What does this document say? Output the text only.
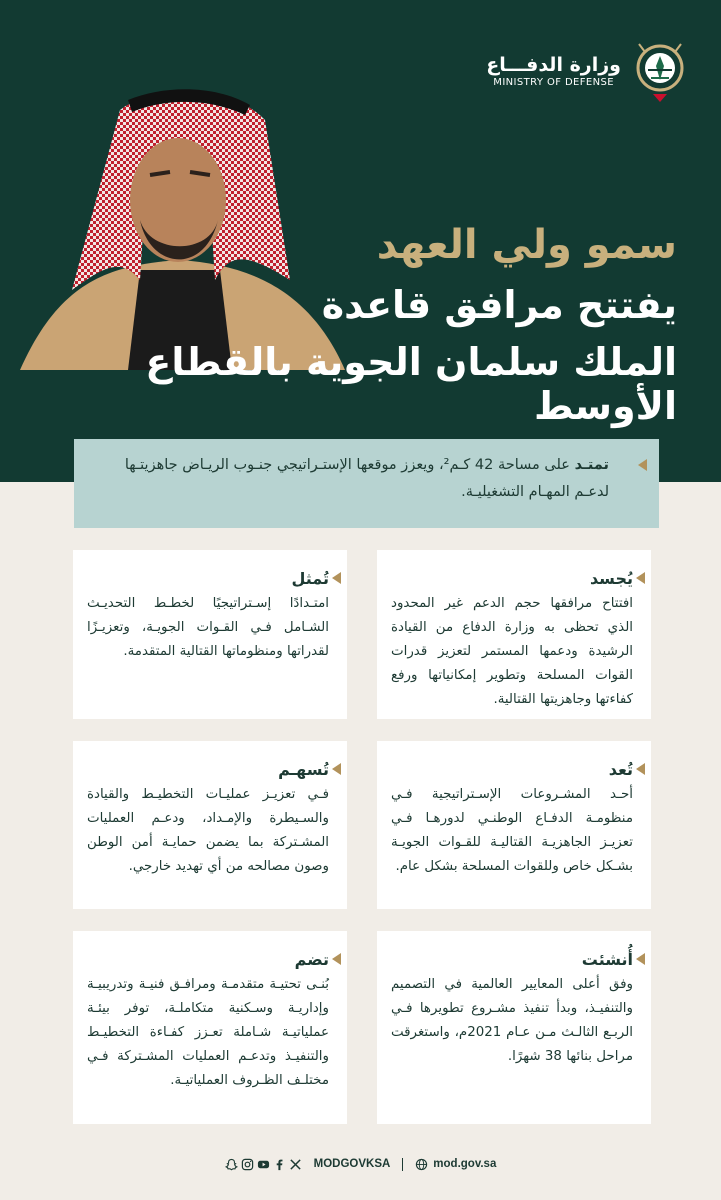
وزارة الدفـــاع
MINISTRY OF DEFENSE
سمو ولي العهد
يفتتح مرافق قاعدة
الملك سلمان الجوية بالقطاع الأوسط
تمتـد على مساحة 42 كـم²، ويعزز موقعها الإستـراتيجي جنـوب الريـاض جاهزيتـها لدعـم المهـام التشغيليـة.
يُجسد
افتتاح مرافقها حجم الدعم غير المحدود الذي تحظى به وزارة الدفاع من القيادة الرشيدة ودعمها المستمر لتعزيز قدرات القوات المسلحة وتطوير إمكانياتها ورفع كفاءتها وجاهزيتها القتالية.
تُمثل
امتـدادًا إسـتراتيجيًا لخطـط التحديـث الشـامل فـي القـوات الجويـة، وتعزيـزًا لقدراتها ومنظوماتها القتالية المتقدمة.
تُعد
أحـد المشـروعات الإسـتراتيجية فـي منظومـة الدفـاع الوطنـي لدورهـا فـي تعزيـز الجاهزيـة القتاليـة للقـوات الجويـة بشـكل خاص وللقوات المسلحة بشكل عام.
تُسهـم
فـي تعزيـز عمليـات التخطيـط والقيادة والسـيطرة والإمـداد، ودعـم العمليات المشـتركة بما يضمن حمايـة أمن الوطن وصون مصالحه من أي تهديد خارجي.
أُنشئت
وفق أعلى المعايير العالمية في التصميم والتنفيـذ، وبدأ تنفيذ مشـروع تطويرها فـي الربـع الثالـث مـن عـام 2021م، واستغرقت مراحل بنائها 38 شهرًا.
تضم
بُنـى تحتيـة متقدمـة ومرافـق فنيـة وتدريبيـة وإداريـة وسـكنية متكاملـة، توفر بيئـة عملياتيـة شـاملة تعـزز كفـاءة التخطيـط والتنفيـذ وتدعـم العمليات المشـتركة فـي مختلـف الظـروف العملياتيـة.
MODGOVKSA	mod.gov.sa
